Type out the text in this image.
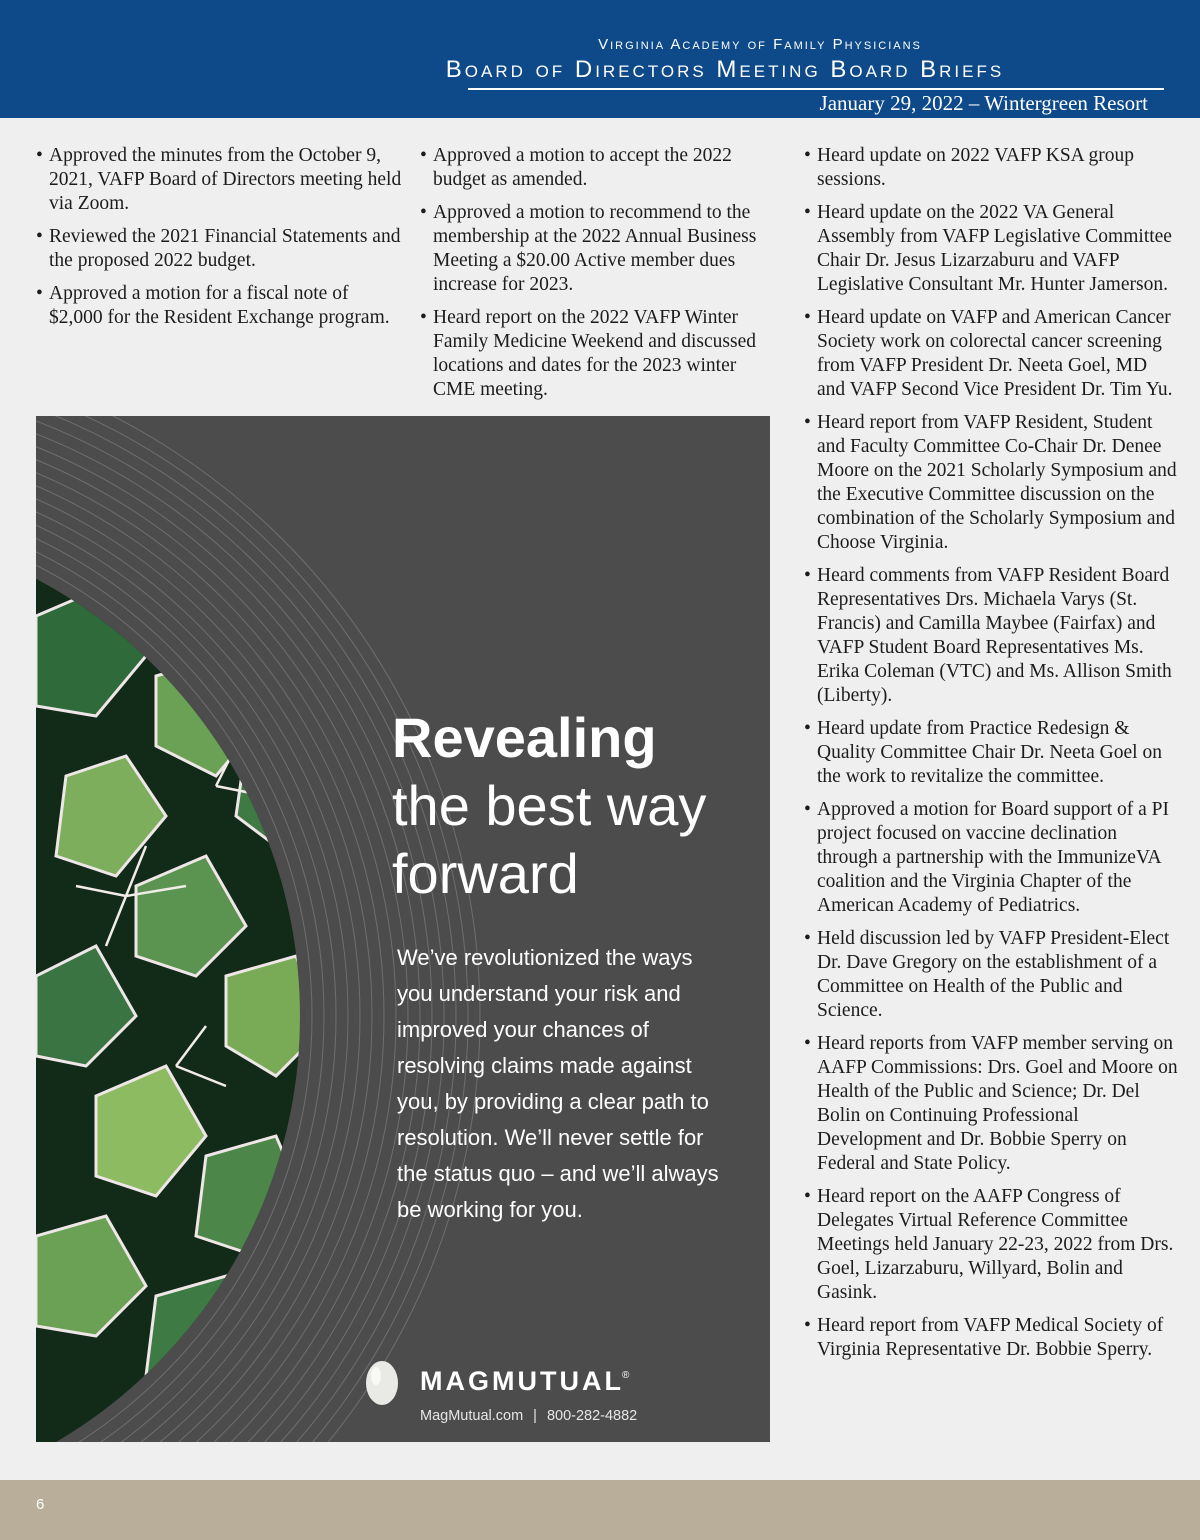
Virginia Academy of Family Physicians
Board of Directors Meeting Board Briefs
January 29, 2022 – Wintergreen Resort
• Approved the minutes from the October 9, 2021, VAFP Board of Directors meeting held via Zoom.
• Reviewed the 2021 Financial Statements and the proposed 2022 budget.
• Approved a motion for a fiscal note of $2,000 for the Resident Exchange program.
• Approved a motion to accept the 2022 budget as amended.
• Approved a motion to recommend to the membership at the 2022 Annual Business Meeting a $20.00 Active member dues increase for 2023.
• Heard report on the 2022 VAFP Winter Family Medicine Weekend and discussed locations and dates for the 2023 winter CME meeting.
• Heard update on 2022 VAFP KSA group sessions.
• Heard update on the 2022 VA General Assembly from VAFP Legislative Committee Chair Dr. Jesus Lizarzaburu and VAFP Legislative Consultant Mr. Hunter Jamerson.
• Heard update on VAFP and American Cancer Society work on colorectal cancer screening from VAFP President Dr. Neeta Goel, MD and VAFP Second Vice President Dr. Tim Yu.
• Heard report from VAFP Resident, Student and Faculty Committee Co-Chair Dr. Denee Moore on the 2021 Scholarly Symposium and the Executive Committee discussion on the combination of the Scholarly Symposium and Choose Virginia.
• Heard comments from VAFP Resident Board Representatives Drs. Michaela Varys (St. Francis) and Camilla Maybee (Fairfax) and VAFP Student Board Representatives Ms. Erika Coleman (VTC) and Ms. Allison Smith (Liberty).
• Heard update from Practice Redesign & Quality Committee Chair Dr. Neeta Goel on the work to revitalize the committee.
• Approved a motion for Board support of a PI project focused on vaccine declination through a partnership with the ImmunizeVA coalition and the Virginia Chapter of the American Academy of Pediatrics.
• Held discussion led by VAFP President-Elect Dr. Dave Gregory on the establishment of a Committee on Health of the Public and Science.
• Heard reports from VAFP member serving on AAFP Commissions: Drs. Goel and Moore on Health of the Public and Science; Dr. Del Bolin on Continuing Professional Development and Dr. Bobbie Sperry on Federal and State Policy.
• Heard report on the AAFP Congress of Delegates Virtual Reference Committee Meetings held January 22-23, 2022 from Drs. Goel, Lizarzaburu, Willyard, Bolin and Gasink.
• Heard report from VAFP Medical Society of Virginia Representative Dr. Bobbie Sperry.
Revealing
the best way
forward
We’ve revolutionized the ways you understand your risk and improved your chances of resolving claims made against you, by providing a clear path to resolution. We’ll never settle for the status quo – and we’ll always be working for you.
MAGMUTUAL
®
MagMutual.com | 800-282-4882
6
